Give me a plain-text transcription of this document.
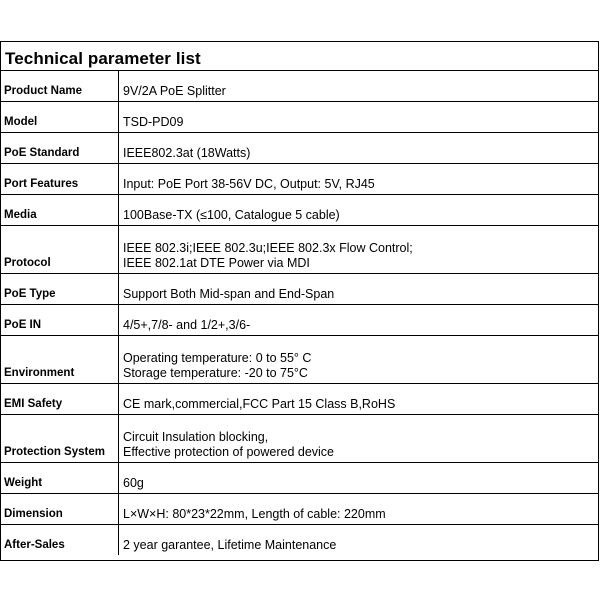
Technical parameter list
Product Name	9V/2A PoE Splitter

Model	TSD-PD09

PoE Standard	IEEE802.3at (18Watts)

Port Features	Input: PoE Port 38-56V DC, Output: 5V, RJ45

Media	100Base-TX (≤100, Catalogue 5 cable)

Protocol	IEEE 802.3i;IEEE 802.3u;IEEE 802.3x Flow Control;
IEEE 802.1at DTE Power via MDI

PoE Type	Support Both Mid-span and End-Span

PoE IN	4/5+,7/8- and 1/2+,3/6-

Environment	Operating temperature: 0 to 55° C
Storage temperature: -20 to 75°C

EMI Safety	CE mark,commercial,FCC Part 15 Class B,RoHS

Protection System	Circuit Insulation blocking,
Effective protection of powered device

Weight	60g

Dimension	L×W×H: 80*23*22mm, Length of cable: 220mm

After-Sales	2 year garantee, Lifetime Maintenance
